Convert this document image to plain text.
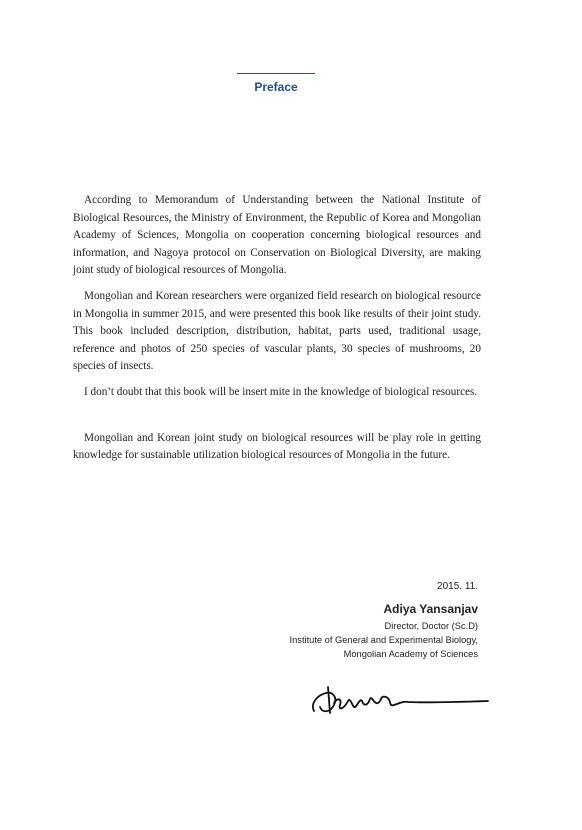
Preface

According to Memorandum of Understanding between the National Institute of Biological Resources, the Ministry of Environment, the Republic of Korea and Mongolian Academy of Sciences, Mongolia on cooperation concerning biological resources and information, and Nagoya protocol on Conservation on Biological Diversity, are making joint study of biological resources of Mongolia.

Mongolian and Korean researchers were organized field research on biological resource in Mongolia in summer 2015, and were presented this book like results of their joint study. This book included description, distribution, habitat, parts used, traditional usage, reference and photos of 250 species of vascular plants, 30 species of mushrooms, 20 species of insects.

I don’t doubt that this book will be insert mite in the knowledge of biological resources.

Mongolian and Korean joint study on biological resources will be play role in getting knowledge for sustainable utilization biological resources of Mongolia in the future.

2015. 11.
Adiya Yansanjav
Director, Doctor (Sc.D)
Institute of General and Experimental Biology,
Mongolian Academy of Sciences
